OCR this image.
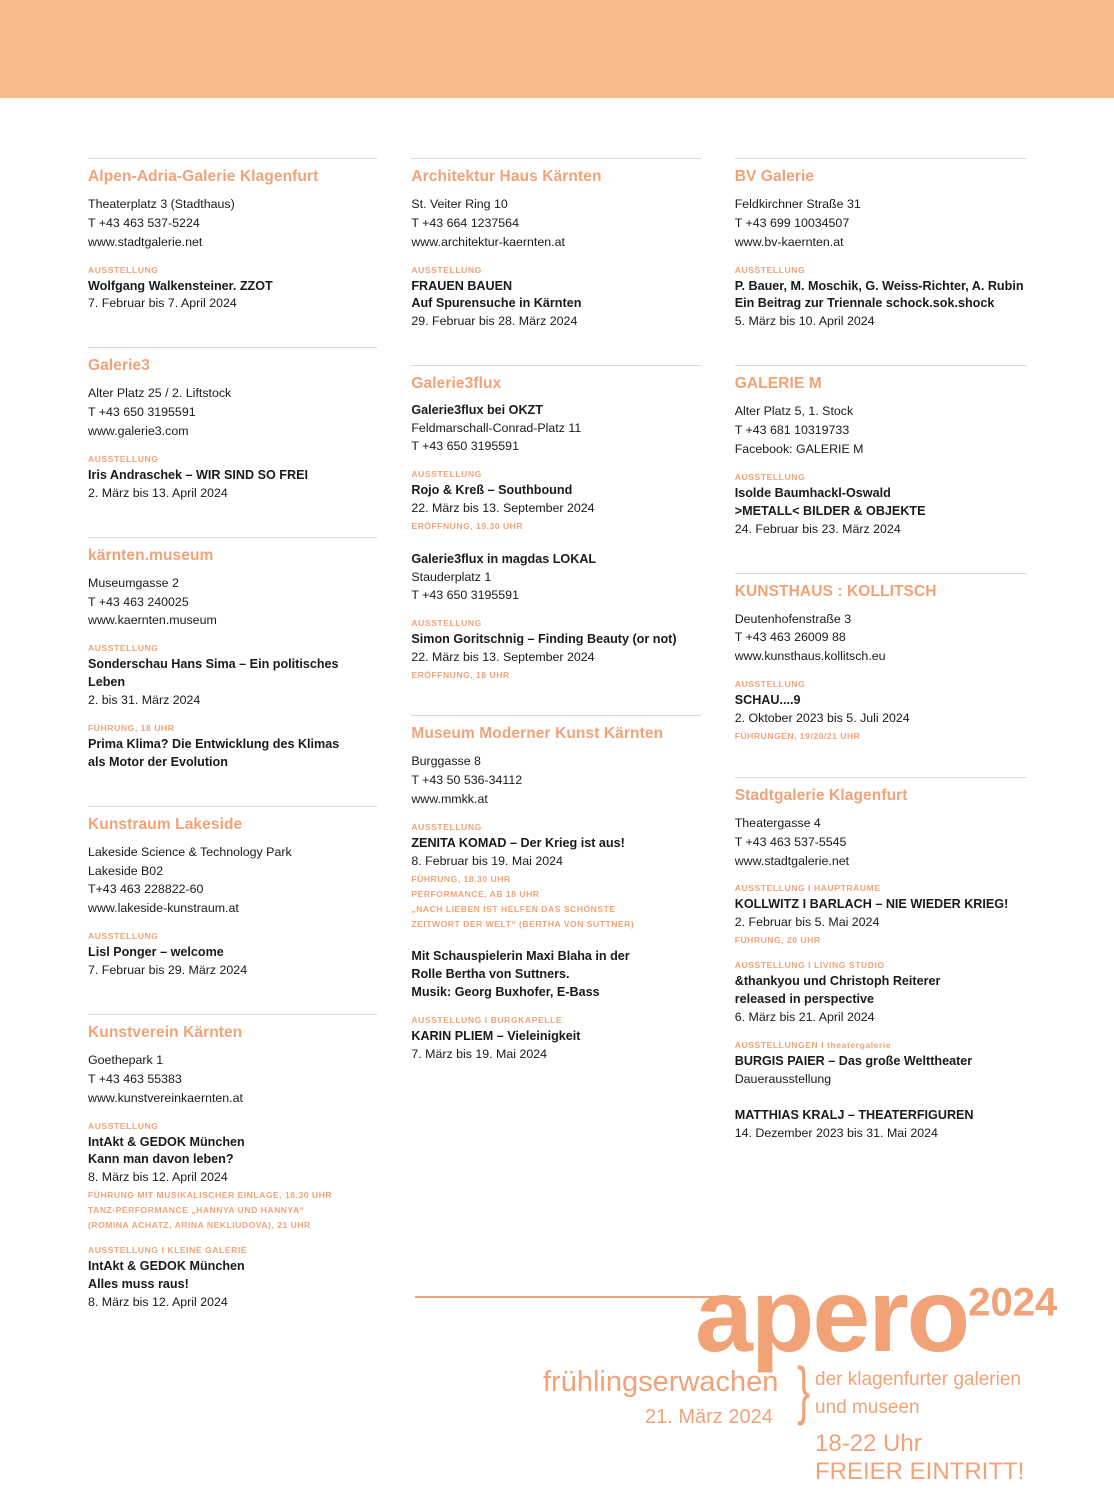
Alpen-Adria-Galerie Klagenfurt
Theaterplatz 3 (Stadthaus)
T +43 463 537-5224
www.stadtgalerie.net
AUSSTELLUNG
Wolfgang Walkensteiner. ZZOT
7. Februar bis 7. April 2024
Galerie3
Alter Platz 25 / 2. Liftstock
T +43 650 3195591
www.galerie3.com
AUSSTELLUNG
Iris Andraschek – WIR SIND SO FREI
2. März bis 13. April 2024
kärnten.museum
Museumgasse 2
T +43 463 240025
www.kaernten.museum
AUSSTELLUNG
Sonderschau Hans Sima – Ein politisches Leben
2. bis 31. März 2024
FÜHRUNG, 18 UHR
Prima Klima? Die Entwicklung des Klimas
als Motor der Evolution
Kunstraum Lakeside
Lakeside Science & Technology Park
Lakeside B02
T+43 463 228822-60
www.lakeside-kunstraum.at
AUSSTELLUNG
Lisl Ponger – welcome
7. Februar bis 29. März 2024
Kunstverein Kärnten
Goethepark 1
T +43 463 55383
www.kunstvereinkaernten.at
AUSSTELLUNG
IntAkt & GEDOK München
Kann man davon leben?
8. März bis 12. April 2024
FÜHRUNG MIT MUSIKALISCHER EINLAGE, 18.30 UHR
TANZ-PERFORMANCE „HANNYA UND HANNYA“
(ROMINA ACHATZ, ARINA NEKLIUDOVA), 21 UHR
AUSSTELLUNG I KLEINE GALERIE
IntAkt & GEDOK München
Alles muss raus!
8. März bis 12. April 2024
Architektur Haus Kärnten
St. Veiter Ring 10
T +43 664 1237564
www.architektur-kaernten.at
AUSSTELLUNG
FRAUEN BAUEN
Auf Spurensuche in Kärnten
29. Februar bis 28. März 2024
Galerie3flux
Galerie3flux bei OKZT
Feldmarschall-Conrad-Platz 11
T +43 650 3195591
AUSSTELLUNG
Rojo & Kreß – Southbound
22. März bis 13. September 2024
ERÖFFNUNG, 19.30 UHR
Galerie3flux in magdas LOKAL
Stauderplatz 1
T +43 650 3195591
AUSSTELLUNG
Simon Goritschnig – Finding Beauty (or not)
22. März bis 13. September 2024
ERÖFFNUNG, 18 UHR
Museum Moderner Kunst Kärnten
Burggasse 8
T +43 50 536-34112
www.mmkk.at
AUSSTELLUNG
ZENITA KOMAD – Der Krieg ist aus!
8. Februar bis 19. Mai 2024
FÜHRUNG, 18.30 UHR
PERFORMANCE, AB 18 UHR
„NACH LIEBEN IST HELFEN DAS SCHÖNSTE
ZEITWORT DER WELT“ (BERTHA VON SUTTNER)
Mit Schauspielerin Maxi Blaha in der
Rolle Bertha von Suttners.
Musik: Georg Buxhofer, E-Bass
AUSSTELLUNG I BURGKAPELLE
KARIN PLIEM – Vieleinigkeit
7. März bis 19. Mai 2024
BV Galerie
Feldkirchner Straße 31
T +43 699 10034507
www.bv-kaernten.at
AUSSTELLUNG
P. Bauer, M. Moschik, G. Weiss-Richter, A. Rubin
Ein Beitrag zur Triennale schock.sok.shock
5. März bis 10. April 2024
GALERIE M
Alter Platz 5, 1. Stock
T +43 681 10319733
Facebook: GALERIE M
AUSSTELLUNG
Isolde Baumhackl-Oswald
>METALL< BILDER & OBJEKTE
24. Februar bis 23. März 2024
KUNSTHAUS : KOLLITSCH
Deutenhofenstraße 3
T +43 463 26009 88
www.kunsthaus.kollitsch.eu
AUSSTELLUNG
SCHAU....9
2. Oktober 2023 bis 5. Juli 2024
FÜHRUNGEN, 19/20/21 UHR
Stadtgalerie Klagenfurt
Theatergasse 4
T +43 463 537-5545
www.stadtgalerie.net
AUSSTELLUNG I HAUPTRÄUME
KOLLWITZ I BARLACH – NIE WIEDER KRIEG!
2. Februar bis 5. Mai 2024
FÜHRUNG, 20 UHR
AUSSTELLUNG I LIVING STUDIO
&thankyou und Christoph Reiterer
released in perspective
6. März bis 21. April 2024
AUSSTELLUNGEN I theatergalerie
BURGIS PAIER – Das große Welttheater
Dauerausstellung
MATTHIAS KRALJ – THEATERFIGUREN
14. Dezember 2023 bis 31. Mai 2024
apero$^{2024}$
frühlingserwachen
21. März 2024 } der klagenfurter galerien
und museen
18-22 Uhr
FREIER EINTRITT!
